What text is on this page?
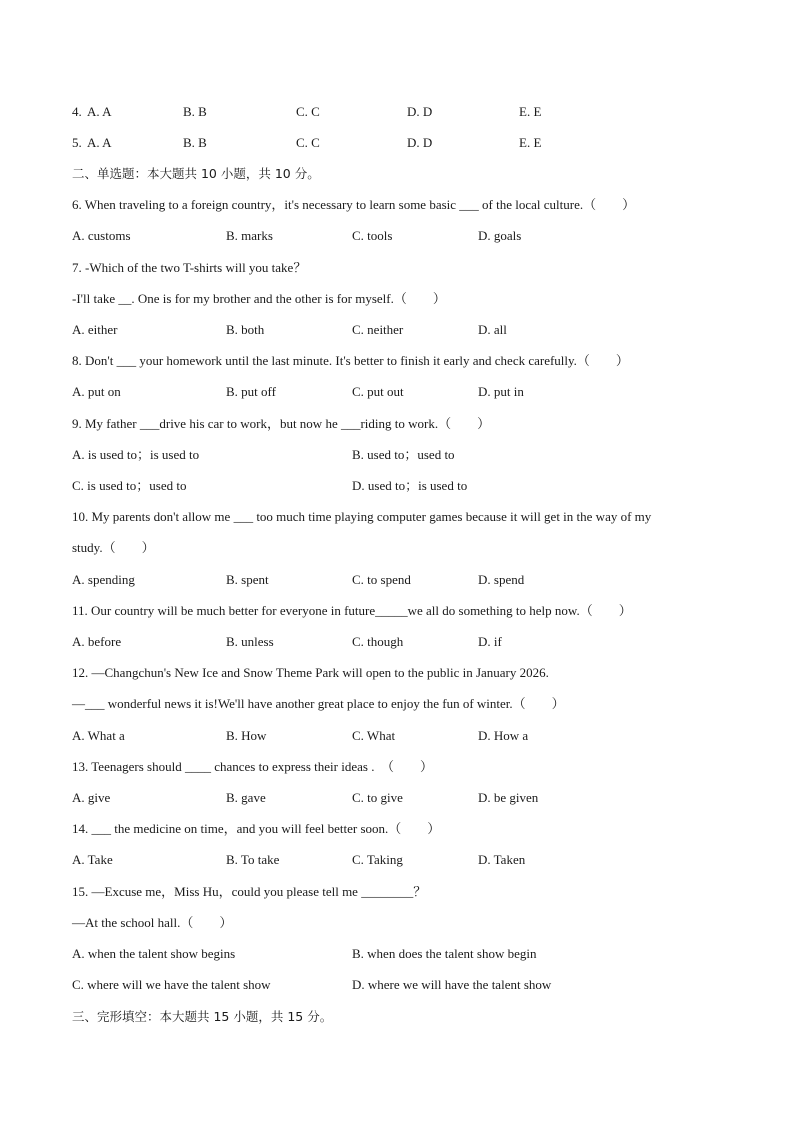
4. A. A	B. B	C. C	D. D	E. E
5. A. A	B. B	C. C	D. D	E. E
二、单选题：本大题共 10 小题，共 10 分。
6. When traveling to a foreign country，it's necessary to learn some basic ___ of the local culture.（　　）
A. customs	B. marks	C. tools	D. goals
7. -Which of the two T-shirts will you take？
-I'll take __. One is for my brother and the other is for myself.（　　）
A. either	B. both	C. neither	D. all
8. Don't ___ your homework until the last minute. It's better to finish it early and check carefully.（　　）
A. put on	B. put off	C. put out	D. put in
9. My father ___drive his car to work，but now he ___riding to work.（　　）
A. is used to；is used to	B. used to；used to
C. is used to；used to	D. used to；is used to
10. My parents don't allow me ___ too much time playing computer games because it will get in the way of my
study.（　　）
A. spending	B. spent	C. to spend	D. spend
11. Our country will be much better for everyone in future_____we all do something to help now.（　　）
A. before	B. unless	C. though	D. if
12. —Changchun's New Ice and Snow Theme Park will open to the public in January 2026.
—___ wonderful news it is!We'll have another great place to enjoy the fun of winter.（　　）
A. What a	B. How	C. What	D. How a
13. Teenagers should ____ chances to express their ideas .　（　　）
A. give	B. gave	C. to give	D. be given
14. ___ the medicine on time，and you will feel better soon.（　　）
A. Take	B. To take	C. Taking	D. Taken
15. —Excuse me，Miss Hu，could you please tell me ________？
—At the school hall.（　　）
A. when the talent show begins	B. when does the talent show begin
C. where will we have the talent show	D. where we will have the talent show
三、完形填空：本大题共 15 小题，共 15 分。
